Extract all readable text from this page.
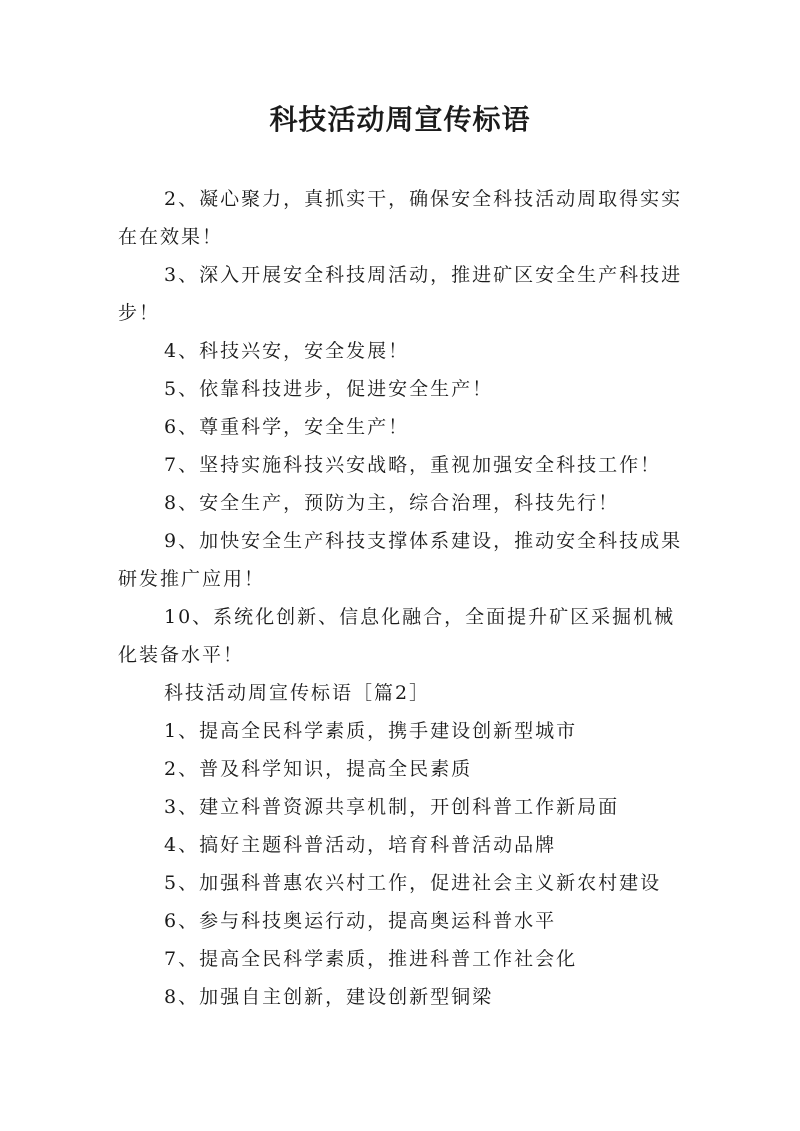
科技活动周宣传标语

2、凝心聚力，真抓实干，确保安全科技活动周取得实实在在效果！

3、深入开展安全科技周活动，推进矿区安全生产科技进步！

4、科技兴安，安全发展！

5、依靠科技进步，促进安全生产！

6、尊重科学，安全生产！

7、坚持实施科技兴安战略，重视加强安全科技工作！

8、安全生产，预防为主，综合治理，科技先行！

9、加快安全生产科技支撑体系建设，推动安全科技成果研发推广应用！

10、系统化创新、信息化融合，全面提升矿区采掘机械化装备水平！

科技活动周宣传标语［篇2］

1、提高全民科学素质，携手建设创新型城市

2、普及科学知识，提高全民素质

3、建立科普资源共享机制，开创科普工作新局面

4、搞好主题科普活动，培育科普活动品牌

5、加强科普惠农兴村工作，促进社会主义新农村建设

6、参与科技奥运行动，提高奥运科普水平

7、提高全民科学素质，推进科普工作社会化

8、加强自主创新，建设创新型铜梁
